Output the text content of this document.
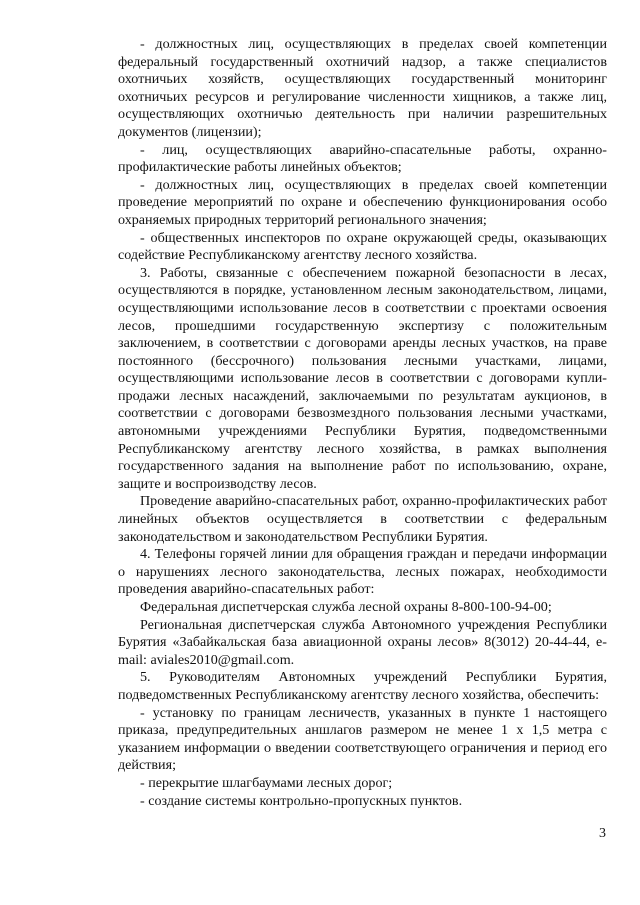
- должностных лиц, осуществляющих в пределах своей компетенции федеральный государственный охотничий надзор, а также специалистов охотничьих хозяйств, осуществляющих государственный мониторинг охотничьих ресурсов и регулирование численности хищников, а также лиц, осуществляющих охотничью деятельность при наличии разрешительных документов (лицензии);

- лиц, осуществляющих аварийно-спасательные работы, охранно-профилактические работы линейных объектов;

- должностных лиц, осуществляющих в пределах своей компетенции проведение мероприятий по охране и обеспечению функционирования особо охраняемых природных территорий регионального значения;

- общественных инспекторов по охране окружающей среды, оказывающих содействие Республиканскому агентству лесного хозяйства.

3. Работы, связанные с обеспечением пожарной безопасности в лесах, осуществляются в порядке, установленном лесным законодательством, лицами, осуществляющими использование лесов в соответствии с проектами освоения лесов, прошедшими государственную экспертизу с положительным заключением, в соответствии с договорами аренды лесных участков, на праве постоянного (бессрочного) пользования лесными участками, лицами, осуществляющими использование лесов в соответствии с договорами купли-продажи лесных насаждений, заключаемыми по результатам аукционов, в соответствии с договорами безвозмездного пользования лесными участками, автономными учреждениями Республики Бурятия, подведомственными Республиканскому агентству лесного хозяйства, в рамках выполнения государственного задания на выполнение работ по использованию, охране, защите и воспроизводству лесов.

Проведение аварийно-спасательных работ, охранно-профилактических работ линейных объектов осуществляется в соответствии с федеральным законодательством и законодательством Республики Бурятия.

4. Телефоны горячей линии для обращения граждан и передачи информации о нарушениях лесного законодательства, лесных пожарах, необходимости проведения аварийно-спасательных работ:

Федеральная диспетчерская служба лесной охраны 8-800-100-94-00;

Региональная диспетчерская служба Автономного учреждения Республики Бурятия «Забайкальская база авиационной охраны лесов» 8(3012) 20-44-44, e-mail: aviales2010@gmail.com.

5. Руководителям Автономных учреждений Республики Бурятия, подведомственных Республиканскому агентству лесного хозяйства, обеспечить:

- установку по границам лесничеств, указанных в пункте 1 настоящего приказа, предупредительных аншлагов размером не менее 1 х 1,5 метра с указанием информации о введении соответствующего ограничения и период его действия;

- перекрытие шлагбаумами лесных дорог;

- создание системы контрольно-пропускных пунктов.

3
